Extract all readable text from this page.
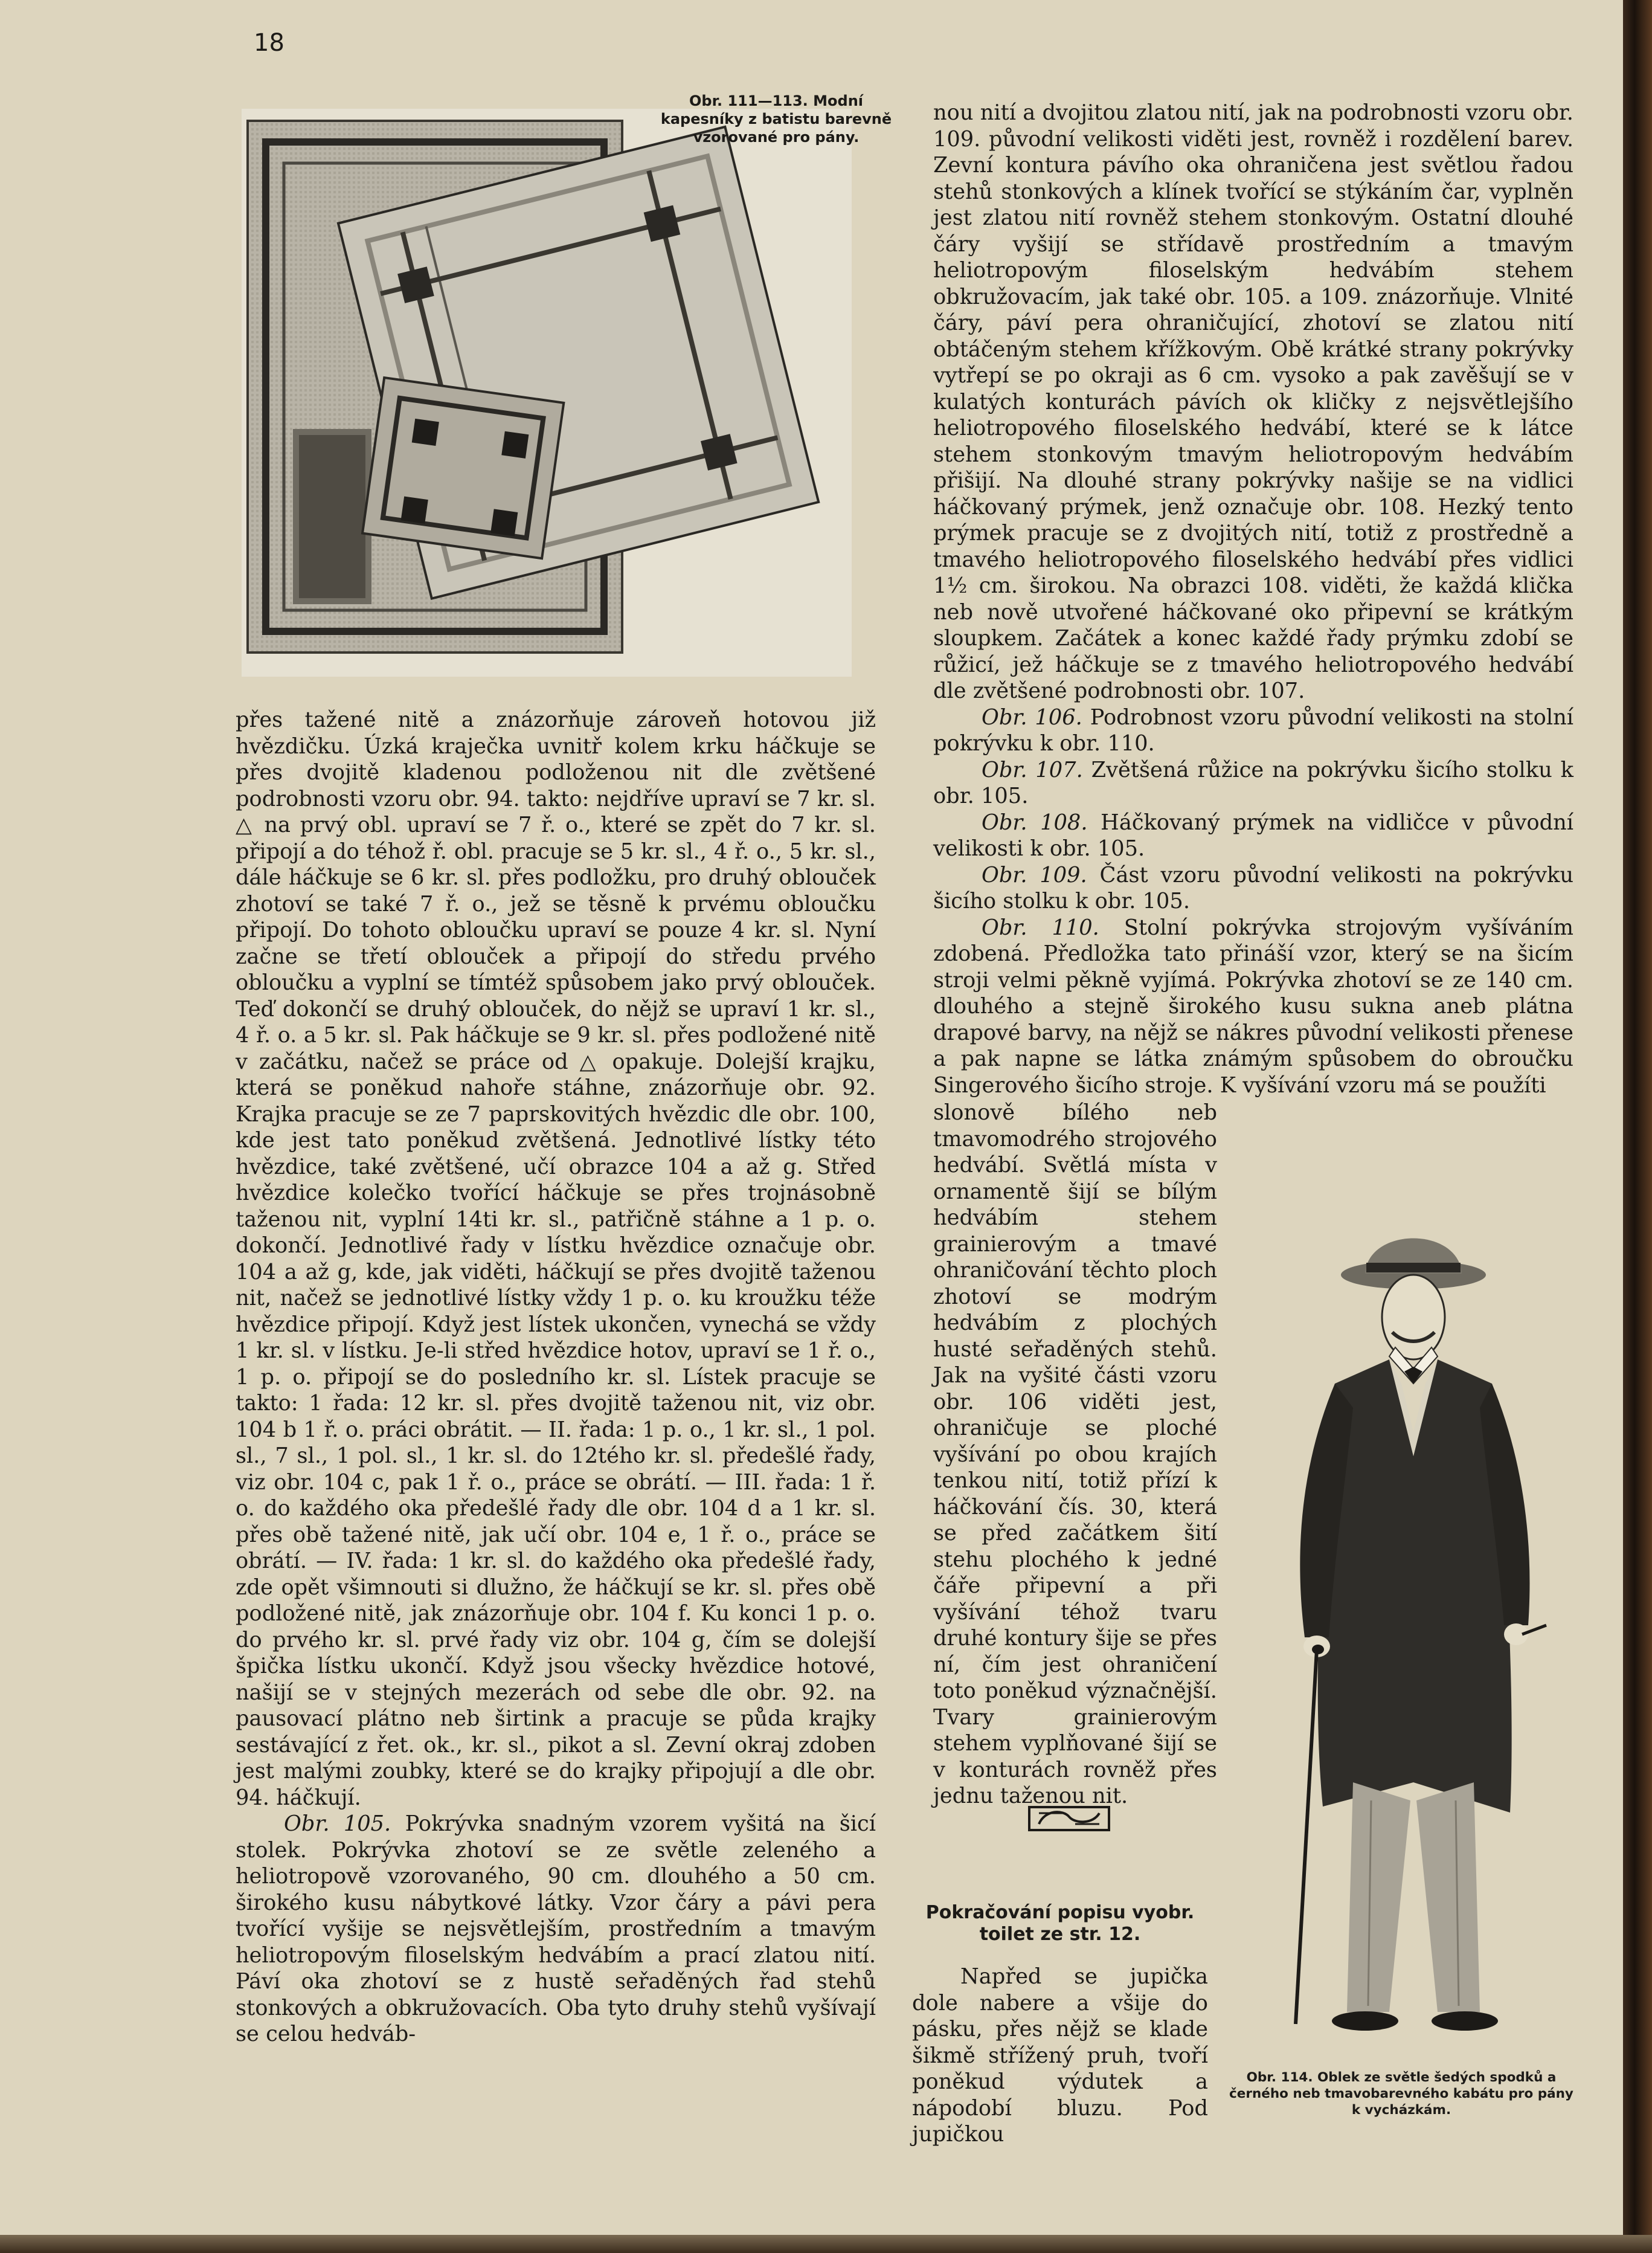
18
Obr. 111—113. Modní kapesníky z batistu barevně vzorované pro pány.

přes tažené nitě a znázorňuje zároveň hotovou již hvězdičku. Úzká kraječka uvnitř kolem krku háčkuje se přes dvojitě kladenou podloženou nit dle zvětšené podrobnosti vzoru obr. 94. takto: nejdříve upraví se 7 kr. sl. △ na prvý obl. upraví se 7 ř. o., které se zpět do 7 kr. sl. připojí a do téhož ř. obl. pracuje se 5 kr. sl., 4 ř. o., 5 kr. sl., dále háčkuje se 6 kr. sl. přes podložku, pro druhý oblouček zhotoví se také 7 ř. o., jež se těsně k prvému obloučku připojí. Do tohoto obloučku upraví se pouze 4 kr. sl. Nyní začne se třetí oblouček a připojí do středu prvého obloučku a vyplní se tímtéž spůsobem jako prvý oblouček. Teď dokončí se druhý oblouček, do nějž se upraví 1 kr. sl., 4 ř. o. a 5 kr. sl. Pak háčkuje se 9 kr. sl. přes podložené nitě v začátku, načež se práce od △ opakuje. Dolejší krajku, která se poněkud nahoře stáhne, znázorňuje obr. 92. Krajka pracuje se ze 7 paprskovitých hvězdic dle obr. 100, kde jest tato poněkud zvětšená. Jednotlivé lístky této hvězdice, také zvětšené, učí obrazce 104 a až g. Střed hvězdice kolečko tvořící háčkuje se přes trojnásobně taženou nit, vyplní 14ti kr. sl., patřičně stáhne a 1 p. o. dokončí. Jednotlivé řady v lístku hvězdice označuje obr. 104 a až g, kde, jak viděti, háčkují se přes dvojitě taženou nit, načež se jednotlivé lístky vždy 1 p. o. ku kroužku téže hvězdice připojí. Když jest lístek ukončen, vynechá se vždy 1 kr. sl. v lístku. Je-li střed hvězdice hotov, upraví se 1 ř. o., 1 p. o. připojí se do posledního kr. sl. Lístek pracuje se takto: 1 řada: 12 kr. sl. přes dvojitě taženou nit, viz obr. 104 b 1 ř. o. práci obrátit. — II. řada: 1 p. o., 1 kr. sl., 1 pol. sl., 7 sl., 1 pol. sl., 1 kr. sl. do 12tého kr. sl. předešlé řady, viz obr. 104 c, pak 1 ř. o., práce se obrátí. — III. řada: 1 ř. o. do každého oka předešlé řady dle obr. 104 d a 1 kr. sl. přes obě tažené nitě, jak učí obr. 104 e, 1 ř. o., práce se obrátí. — IV. řada: 1 kr. sl. do každého oka předešlé řady, zde opět všimnouti si dlužno, že háčkují se kr. sl. přes obě podložené nitě, jak znázorňuje obr. 104 f. Ku konci 1 p. o. do prvého kr. sl. prvé řady viz obr. 104 g, čím se dolejší špička lístku ukončí. Když jsou všecky hvězdice hotové, našijí se v stejných mezerách od sebe dle obr. 92. na pausovací plátno neb širtink a pracuje se půda krajky sestávající z řet. ok., kr. sl., pikot a sl. Zevní okraj zdoben jest malými zoubky, které se do krajky připojují a dle obr. 94. háčkují.

Obr. 105. Pokrývka snadným vzorem vyšitá na šicí stolek. Pokrývka zhotoví se ze světle zeleného a heliotropově vzorovaného, 90 cm. dlouhého a 50 cm. širokého kusu nábytkové látky. Vzor čáry a pávi pera tvořící vyšije se nejsvětlejším, prostředním a tmavým heliotropovým filoselským hedvábím a prací zlatou nití. Páví oka zhotoví se z hustě seřaděných řad stehů stonkových a obkružovacích. Oba tyto druhy stehů vyšívají se celou hedváb-

nou nití a dvojitou zlatou nití, jak na podrobnosti vzoru obr. 109. původní velikosti viděti jest, rovněž i rozdělení barev. Zevní kontura pávího oka ohraničena jest světlou řadou stehů stonkových a klínek tvořící se stýkáním čar, vyplněn jest zlatou nití rovněž stehem stonkovým. Ostatní dlouhé čáry vyšijí se střídavě prostředním a tmavým heliotropovým filoselským hedvábím stehem obkružovacím, jak také obr. 105. a 109. znázorňuje. Vlnité čáry, páví pera ohraničující, zhotoví se zlatou nití obtáčeným stehem křížkovým. Obě krátké strany pokrývky vytřepí se po okraji as 6 cm. vysoko a pak zavěšují se v kulatých konturách pávích ok kličky z nejsvětlejšího heliotropového filoselského hedvábí, které se k látce stehem stonkovým tmavým heliotropovým hedvábím přišijí. Na dlouhé strany pokrývky našije se na vidlici háčkovaný prýmek, jenž označuje obr. 108. Hezký tento prýmek pracuje se z dvojitých nití, totiž z prostředně a tmavého heliotropového filoselského hedvábí přes vidlici 1½ cm. širokou. Na obrazci 108. viděti, že každá klička neb nově utvořené háčkované oko připevní se krátkým sloupkem. Začátek a konec každé řady prýmku zdobí se růžicí, jež háčkuje se z tmavého heliotropového hedvábí dle zvětšené podrobnosti obr. 107.

Obr. 106. Podrobnost vzoru původní velikosti na stolní pokrývku k obr. 110.

Obr. 107. Zvětšená růžice na pokrývku šicího stolku k obr. 105.

Obr. 108. Háčkovaný prýmek na vidličce v původní velikosti k obr. 105.

Obr. 109. Část vzoru původní velikosti na pokrývku šicího stolku k obr. 105.

Obr. 110. Stolní pokrývka strojovým vyšíváním zdobená. Předložka tato přináší vzor, který se na šicím stroji velmi pěkně vyjímá. Pokrývka zhotoví se ze 140 cm. dlouhého a stejně širokého kusu sukna aneb plátna drapové barvy, na nějž se nákres původní velikosti přenese a pak napne se látka známým spůsobem do obroučku Singerového šicího stroje. K vyšívání vzoru má se použíti

slonově bílého neb tmavomodrého strojového hedvábí. Světlá místa v ornamentě šijí se bílým hedvábím stehem grainierovým a tmavé ohraničování těchto ploch zhotoví se modrým hedvábím z plochých husté seřaděných stehů. Jak na vyšité části vzoru obr. 106 viděti jest, ohraničuje se ploché vyšívání po obou krajích tenkou nití, totiž přízí k háčkování čís. 30, která se před začátkem šití stehu plochého k jedné čáře připevní a při vyšívání téhož tvaru druhé kontury šije se přes ní, čím jest ohraničení toto poněkud význačnější. Tvary grainierovým stehem vyplňované šijí se v konturách rovněž přes jednu taženou nit.

Pokračování popisu vyobr. toilet ze str. 12.

Napřed se jupička dole nabere a všije do pásku, přes nějž se klade šikmě střížený pruh, tvoří poněkud výdutek a nápodobí bluzu. Pod jupičkou

Obr. 114. Oblek ze světle šedých spodků a černého neb tmavobarevného kabátu pro pány k vycházkám.
